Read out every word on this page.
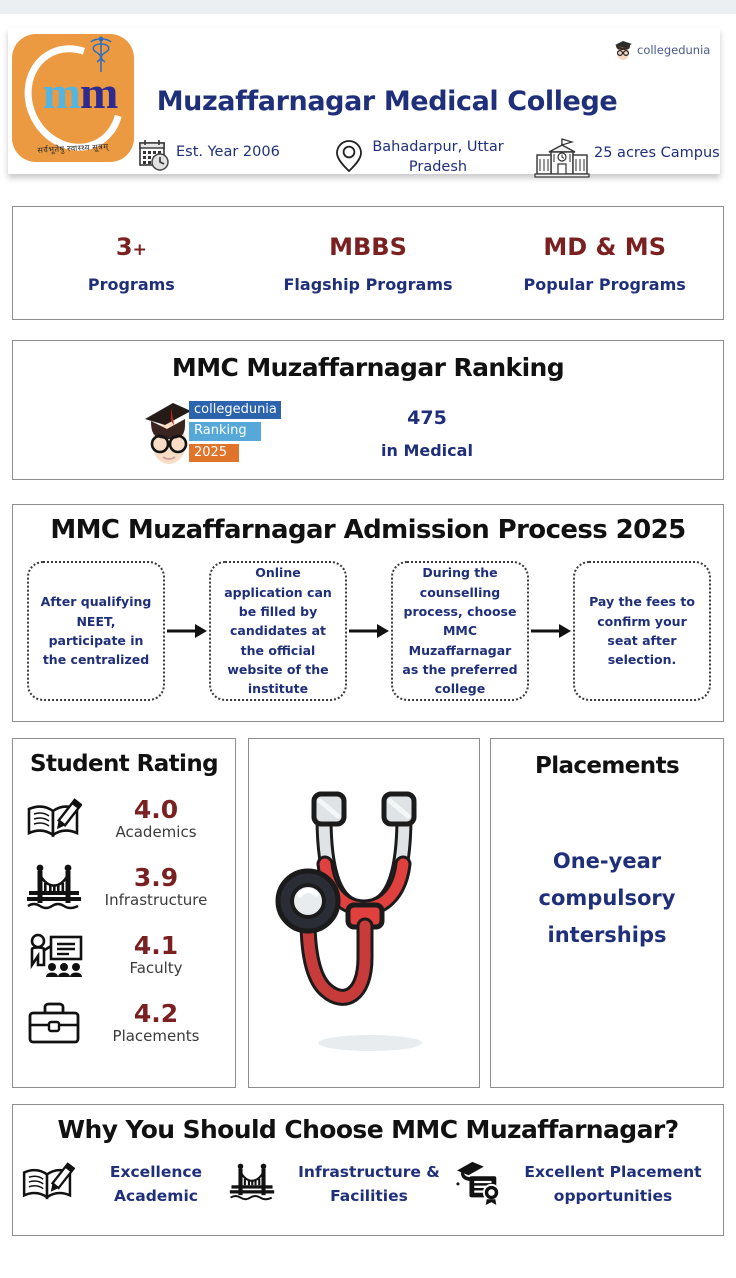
mm
सर्वभूतेषु स्वास्थ्य सूत्रम्
Muzaffarnagar Medical College
Est. Year 2006	Bahadarpur, Uttar Pradesh
25 acres Campus
collegedunia
3+
Programs
MBBS
Flagship Programs
MD & MS
Popular Programs
MMC Muzaffarnagar Ranking
collegedunia
Ranking
2025
475
in Medical
MMC Muzaffarnagar Admission Process 2025
After qualifying NEET, participate in the centralized
Online application can be filled by candidates at the official website of the institute
During the counselling process, choose MMC Muzaffarnagar as the preferred college
Pay the fees to confirm your seat after selection.
Student Rating
4.0
Academics
3.9
Infrastructure
4.1
Faculty
4.2
Placements
Placements
One-year compulsory interships
Why You Should Choose MMC Muzaffarnagar?
Excellence Academic
Infrastructure & Facilities
Excellent Placement opportunities
